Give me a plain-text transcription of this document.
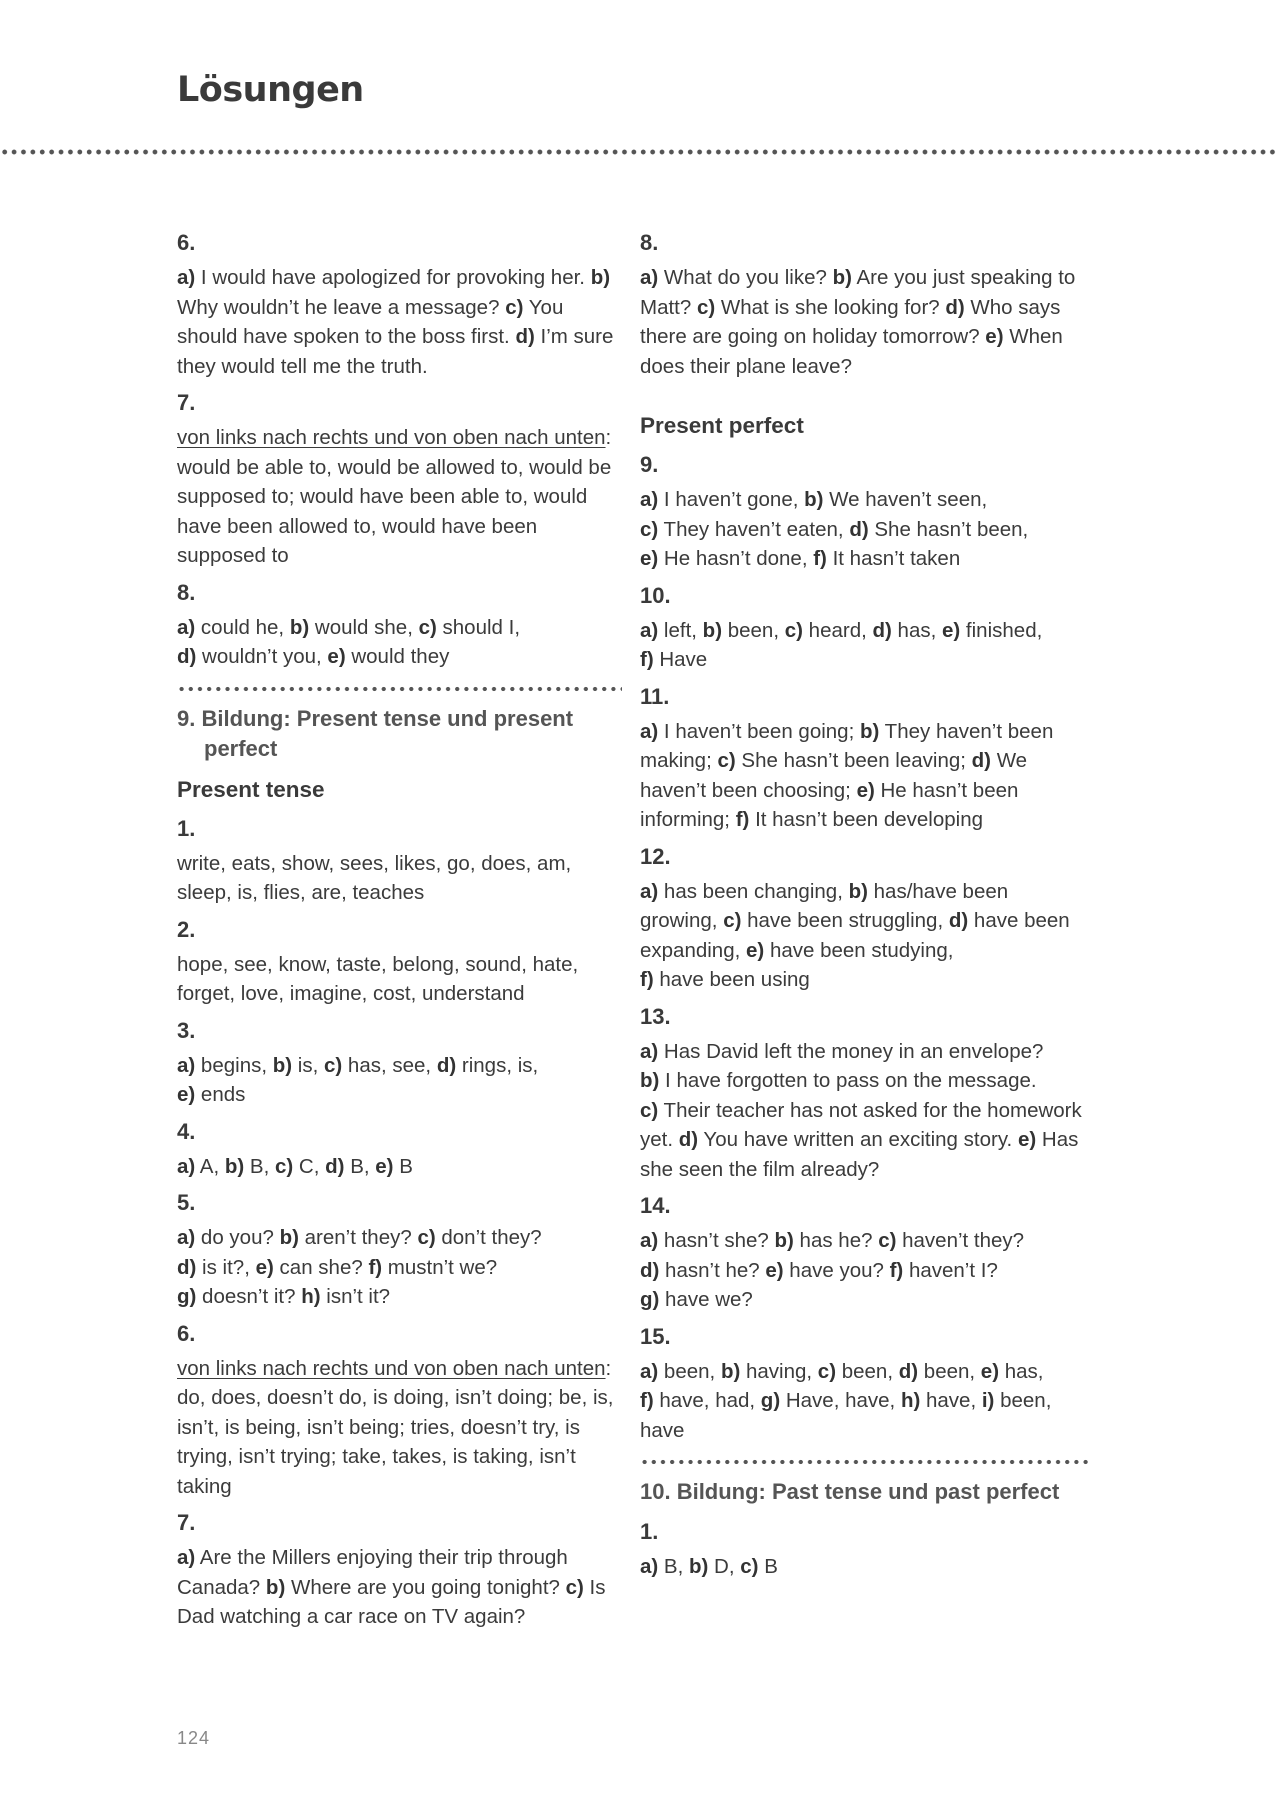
Lösungen
6.

a) I would have apologized for provoking her. b) Why wouldn’t he leave a message? c) You should have spoken to the boss first. d) I’m sure they would tell me the truth.

7.

von links nach rechts und von oben nach unten: would be able to, would be allowed to, would be supposed to; would have been able to, would have been allowed to, would have been supposed to

8.

a) could he, b) would she, c) should I,
d) wouldn’t you, e) would they

9. Bildung: Present tense und present perfect
Present tense
1.

write, eats, show, sees, likes, go, does, am, sleep, is, flies, are, teaches

2.

hope, see, know, taste, belong, sound, hate, forget, love, imagine, cost, understand

3.

a) begins, b) is, c) has, see, d) rings, is,
e) ends

4.

a) A, b) B, c) C, d) B, e) B

5.

a) do you? b) aren’t they? c) don’t they?
d) is it?, e) can she? f) mustn’t we?
g) doesn’t it? h) isn’t it?

6.

von links nach rechts und von oben nach unten: do, does, doesn’t do, is doing, isn’t doing; be, is, isn’t, is being, isn’t being; tries, doesn’t try, is trying, isn’t trying; take, takes, is taking, isn’t taking

7.

a) Are the Millers enjoying their trip through Canada? b) Where are you going tonight? c) Is Dad watching a car race on TV again?

8.

a) What do you like? b) Are you just speaking to Matt? c) What is she looking for? d) Who says there are going on holiday tomorrow? e) When does their plane leave?

Present perfect
9.

a) I haven’t gone, b) We haven’t seen,
c) They haven’t eaten, d) She hasn’t been,
e) He hasn’t done, f) It hasn’t taken

10.

a) left, b) been, c) heard, d) has, e) finished,
f) Have

11.

a) I haven’t been going; b) They haven’t been making; c) She hasn’t been leaving; d) We haven’t been choosing; e) He hasn’t been informing; f) It hasn’t been developing

12.

a) has been changing, b) has/have been growing, c) have been struggling, d) have been expanding, e) have been studying,
f) have been using

13.

a) Has David left the money in an envelope?
b) I have forgotten to pass on the message.
c) Their teacher has not asked for the homework yet. d) You have written an exciting story. e) Has she seen the film already?

14.

a) hasn’t she? b) has he? c) haven’t they?
d) hasn’t he? e) have you? f) haven’t I?
g) have we?

15.

a) been, b) having, c) been, d) been, e) has,
f) have, had, g) Have, have, h) have, i) been, have

10. Bildung: Past tense und past perfect
1.

a) B, b) D, c) B

124
